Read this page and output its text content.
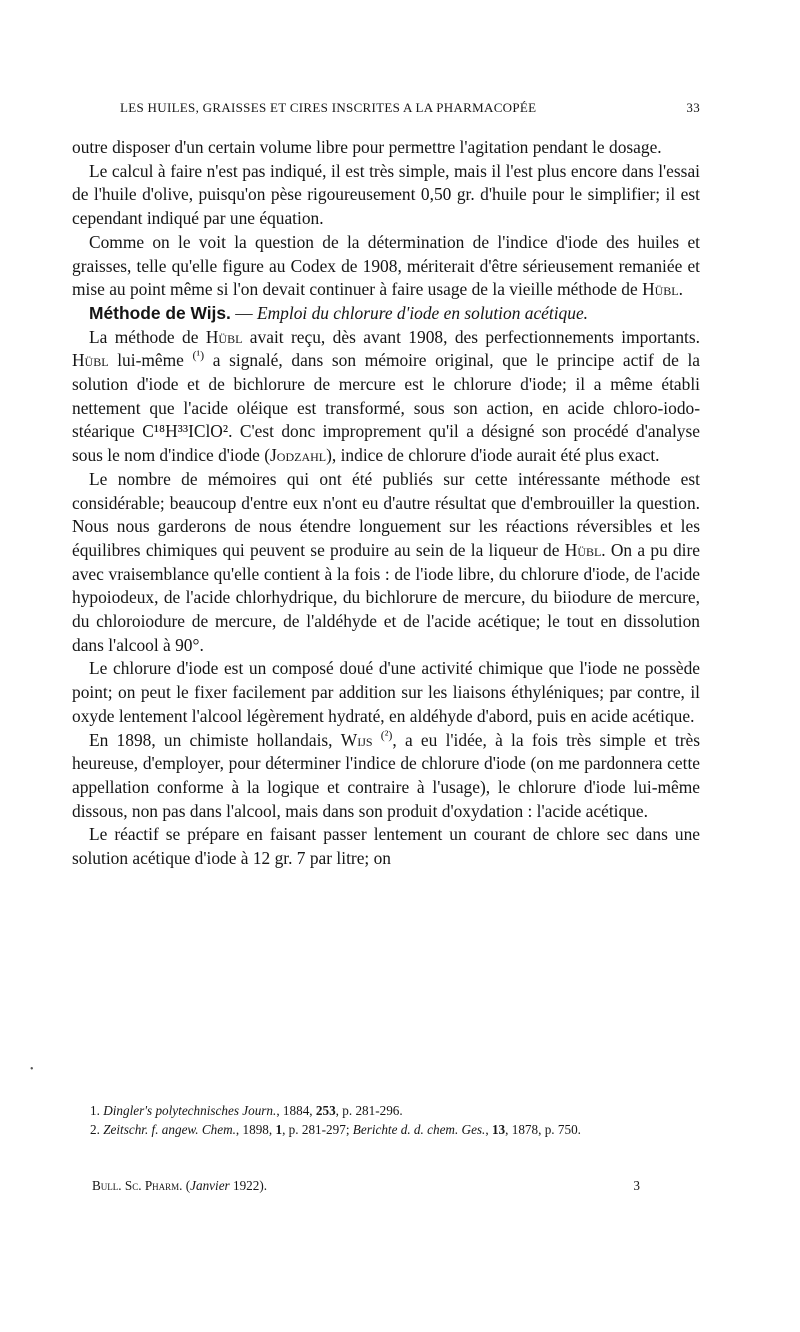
LES HUILES, GRAISSES ET CIRES INSCRITES A LA PHARMACOPÉE	33

outre disposer d'un certain volume libre pour permettre l'agitation pendant le dosage.

Le calcul à faire n'est pas indiqué, il est très simple, mais il l'est plus encore dans l'essai de l'huile d'olive, puisqu'on pèse rigoureusement 0,50 gr. d'huile pour le simplifier; il est cependant indiqué par une équation.

Comme on le voit la question de la détermination de l'indice d'iode des huiles et graisses, telle qu'elle figure au Codex de 1908, mériterait d'être sérieusement remaniée et mise au point même si l'on devait continuer à faire usage de la vieille méthode de Hübl.

Méthode de Wijs. — Emploi du chlorure d'iode en solution acétique.

La méthode de Hübl avait reçu, dès avant 1908, des perfectionnements importants. Hübl lui-même $^{(^1)}$ a signalé, dans son mémoire original, que le principe actif de la solution d'iode et de bichlorure de mercure est le chlorure d'iode; il a même établi nettement que l'acide oléique est transformé, sous son action, en acide chloro-iodo-stéarique C¹⁸H³³IClO². C'est donc improprement qu'il a désigné son procédé d'analyse sous le nom d'indice d'iode (Jodzahl), indice de chlorure d'iode aurait été plus exact.

Le nombre de mémoires qui ont été publiés sur cette intéressante méthode est considérable; beaucoup d'entre eux n'ont eu d'autre résultat que d'embrouiller la question. Nous nous garderons de nous étendre longuement sur les réactions réversibles et les équilibres chimiques qui peuvent se produire au sein de la liqueur de Hübl. On a pu dire avec vraisemblance qu'elle contient à la fois : de l'iode libre, du chlorure d'iode, de l'acide hypoiodeux, de l'acide chlorhydrique, du bichlorure de mercure, du biiodure de mercure, du chloroiodure de mercure, de l'aldéhyde et de l'acide acétique; le tout en dissolution dans l'alcool à 90°.

Le chlorure d'iode est un composé doué d'une activité chimique que l'iode ne possède point; on peut le fixer facilement par addition sur les liaisons éthyléniques; par contre, il oxyde lentement l'alcool légèrement hydraté, en aldéhyde d'abord, puis en acide acétique.

En 1898, un chimiste hollandais, Wijs $^{(^2)}$, a eu l'idée, à la fois très simple et très heureuse, d'employer, pour déterminer l'indice de chlorure d'iode (on me pardonnera cette appellation conforme à la logique et contraire à l'usage), le chlorure d'iode lui-même dissous, non pas dans l'alcool, mais dans son produit d'oxydation : l'acide acétique.

Le réactif se prépare en faisant passer lentement un courant de chlore sec dans une solution acétique d'iode à 12 gr. 7 par litre; on

1. Dingler's polytechnisches Journ., 1884, 253, p. 281-296.

2. Zeitschr. f. angew. Chem., 1898, 1, p. 281-297; Berichte d. d. chem. Ges., 13, 1878, p. 750.

Bull. Sc. Pharm. (Janvier 1922).	3
•
